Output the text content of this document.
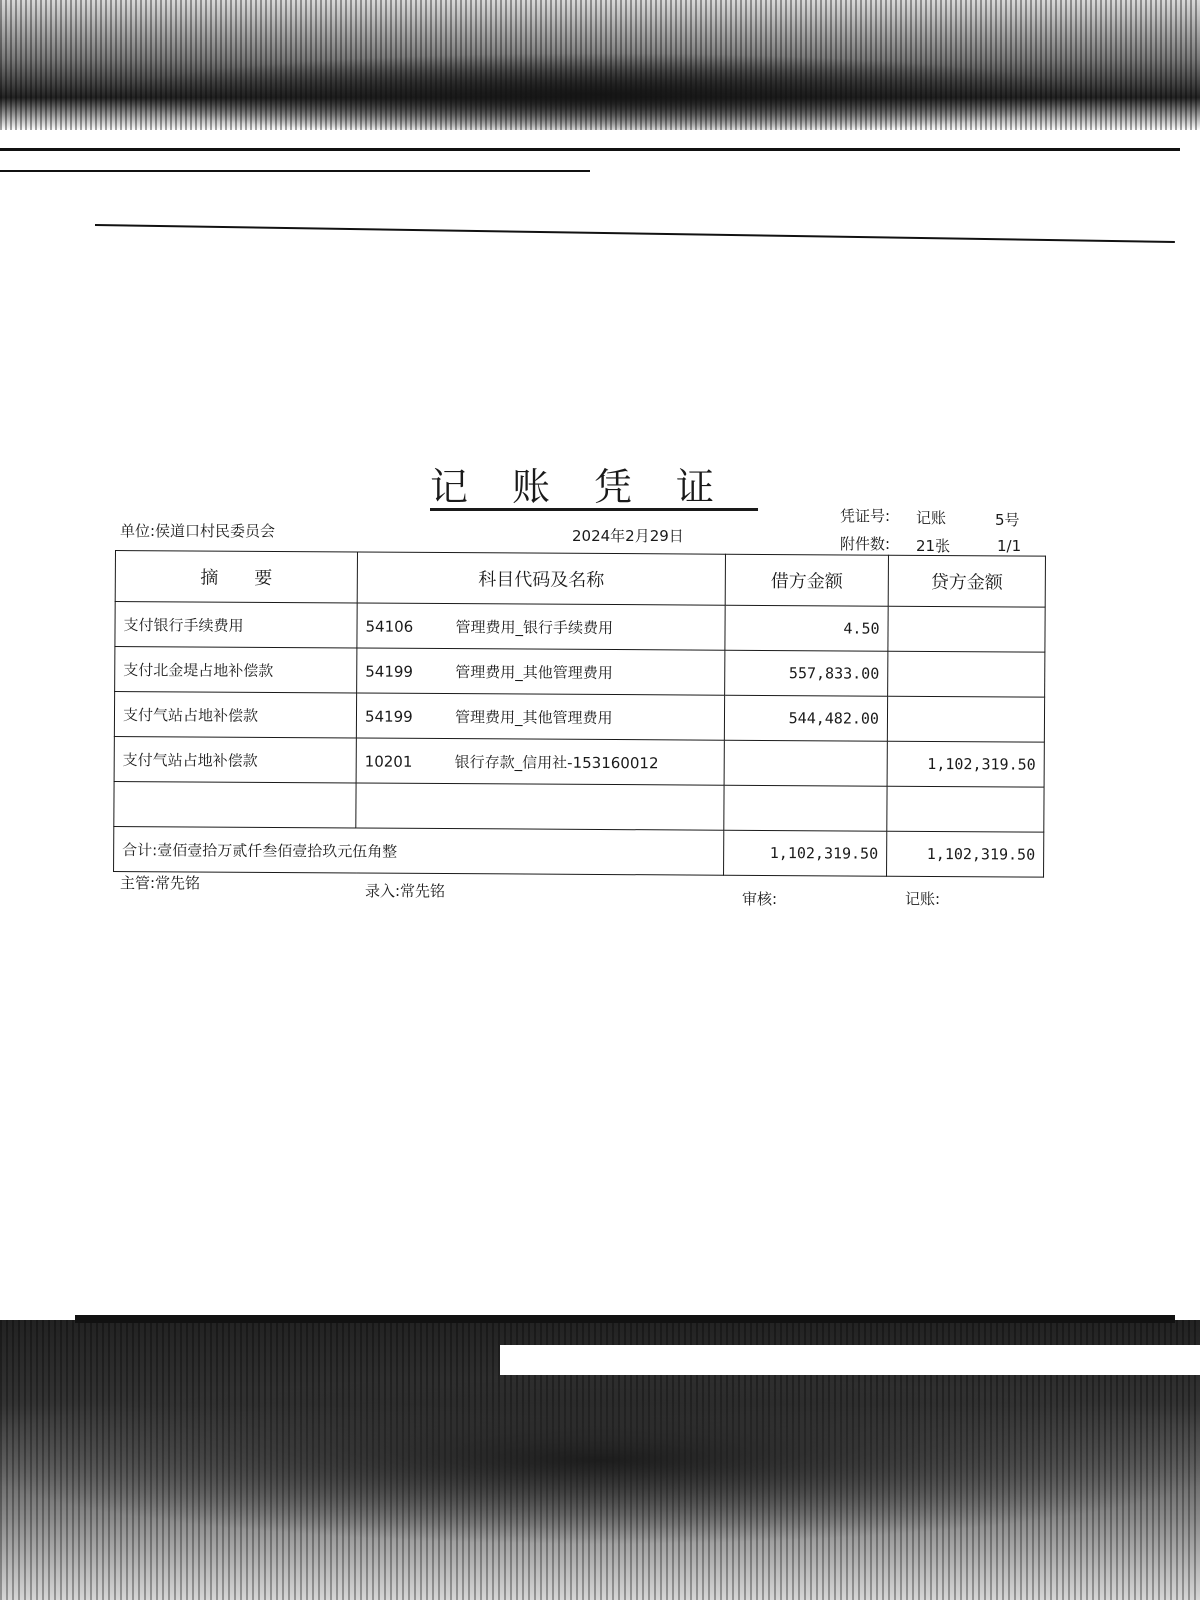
记账凭证
单位:侯道口村民委员会	2024年2月29日
凭证号: 记账	5号
附件数: 21张	1/1
摘　　要	科目代码及名称	借方金额	贷方金额
支付银行手续费用	54106 管理费用_银行手续费用	4.50	
支付北金堤占地补偿款	54199 管理费用_其他管理费用	557,833.00	
支付气站占地补偿款	54199 管理费用_其他管理费用	544,482.00	
支付气站占地补偿款	10201 银行存款_信用社-153160012		1,102,319.50

合计:壹佰壹拾万贰仟叁佰壹拾玖元伍角整		1,102,319.50	1,102,319.50
主管:常先铭	录入:常先铭	审核:	记账:
